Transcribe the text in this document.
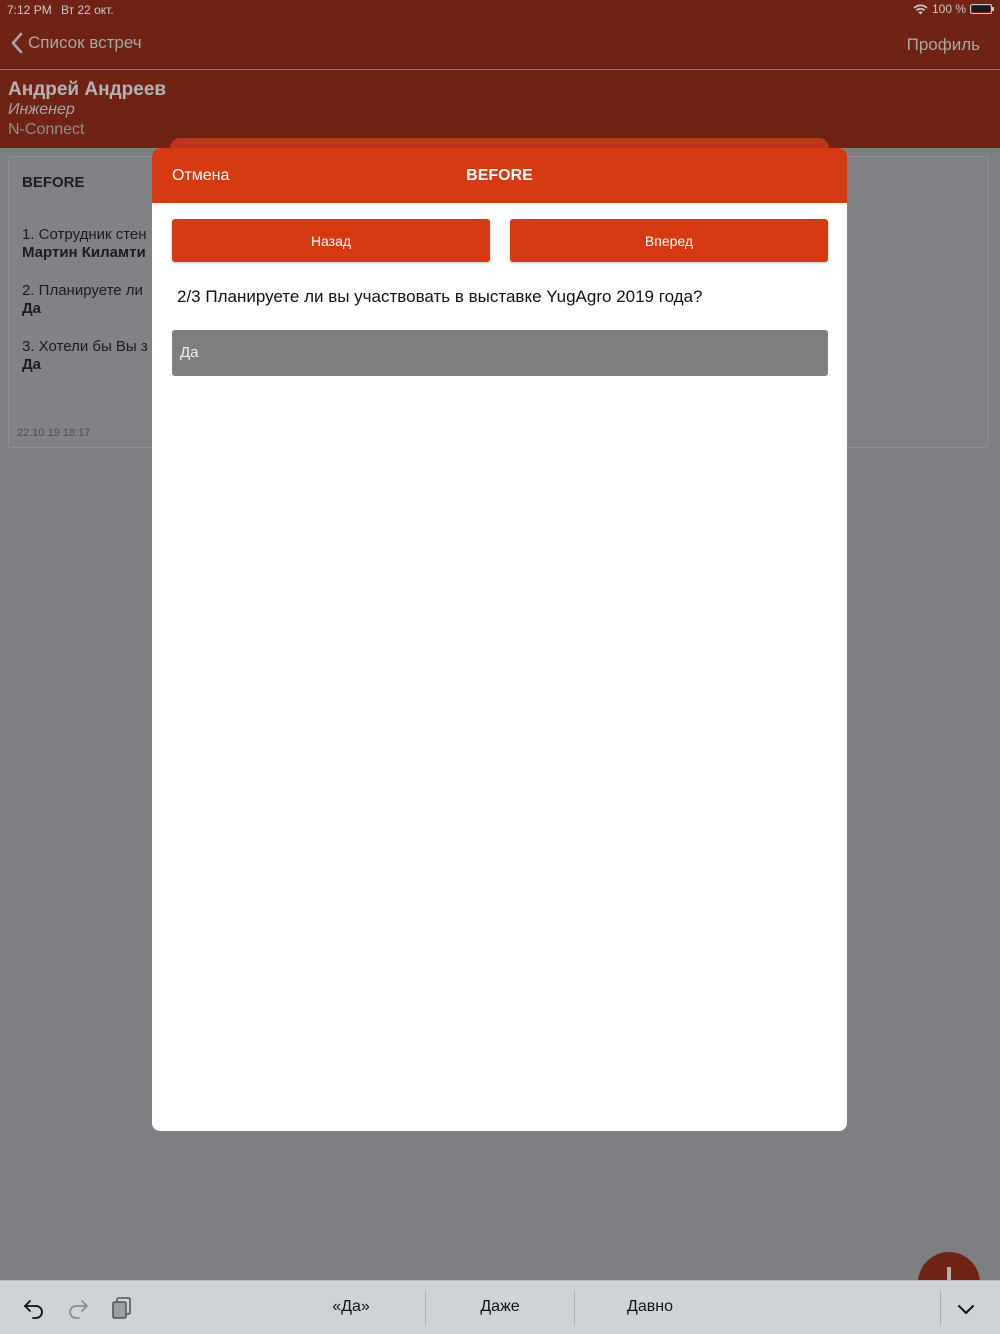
7:12 PM Вт 22 окт.	100 %
Список встреч	Профиль
Андрей Андреев
Инженер
N-Connect
BEFORE
1. Сотрудник стен
Мартин Киламти
2. Планируете ли
Да
3. Хотели бы Вы з
Да
22.10.19 18:17
BEFORE
Отмена
Назад	Вперед
2/3 Планируете ли вы участвовать в выставке YugAgro 2019 года?
Да
«Да»	Даже	Давно
